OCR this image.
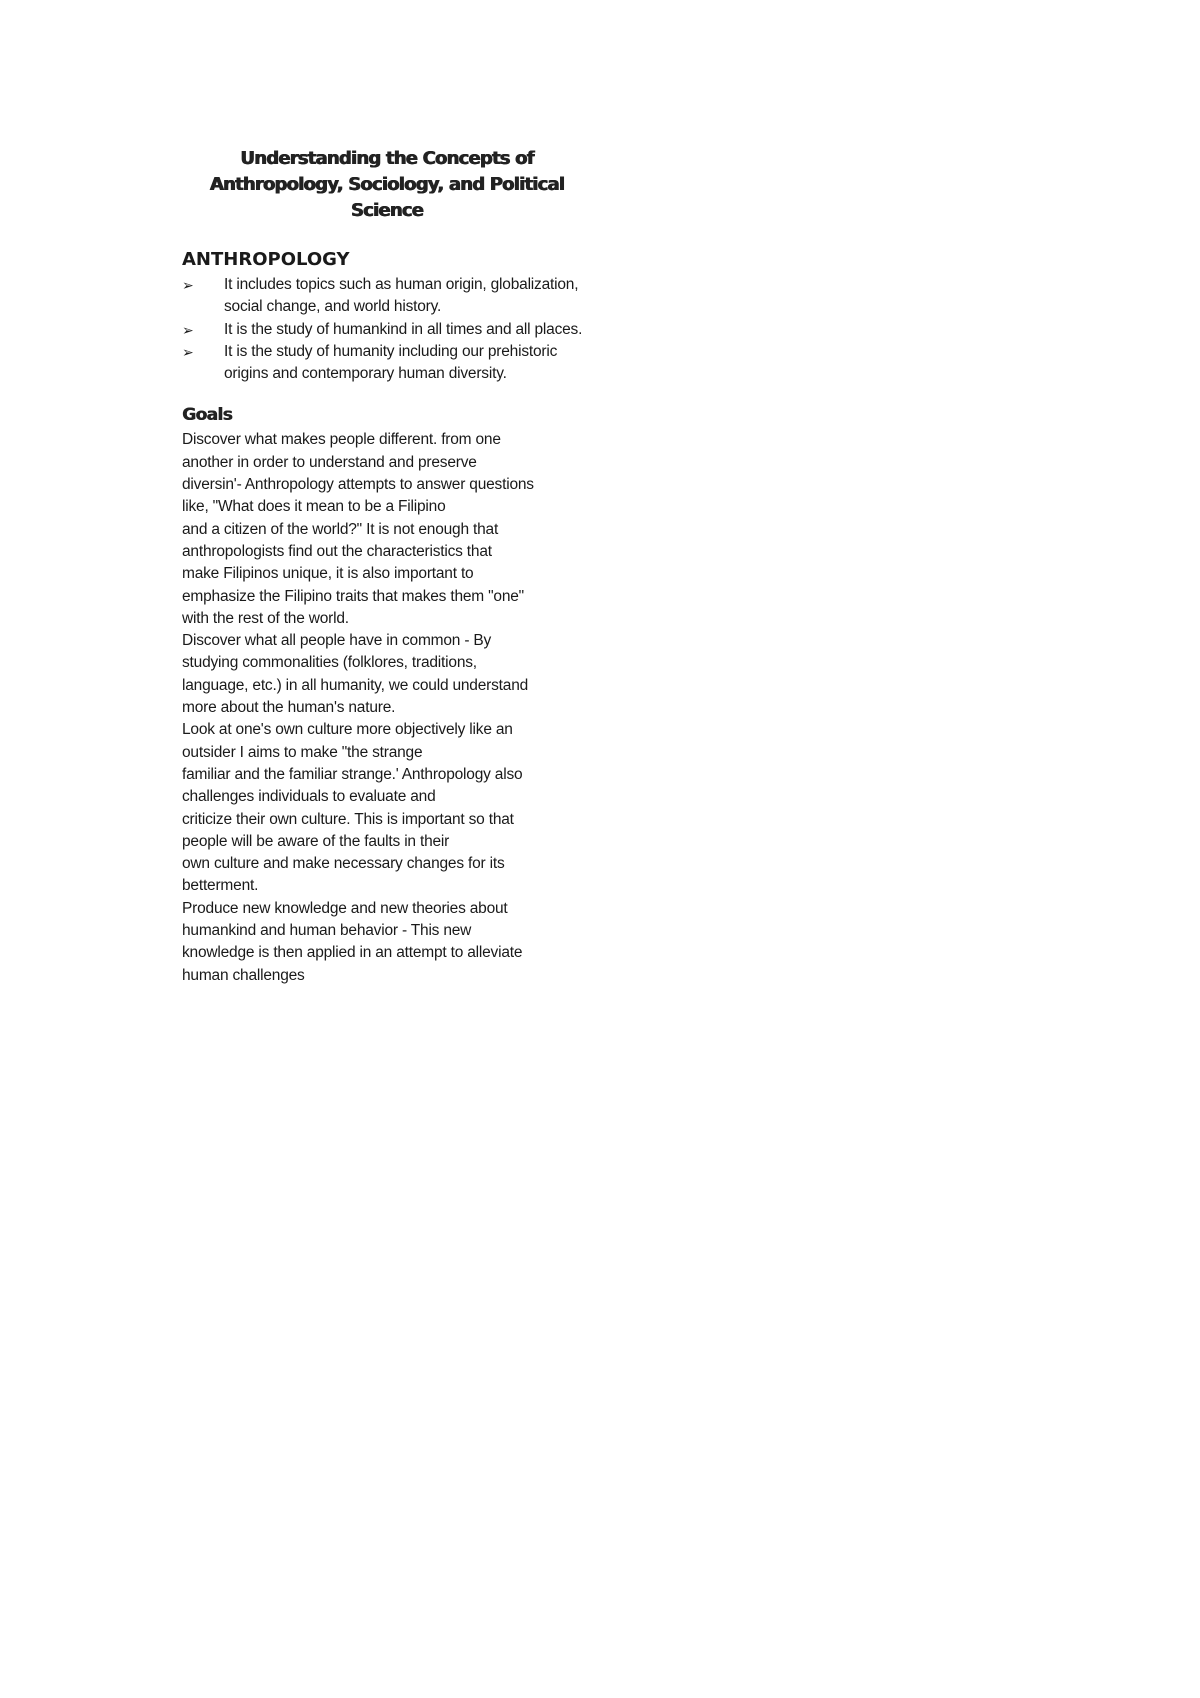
Understanding the Concepts of Anthropology, Sociology, and Political Science
ANTHROPOLOGY
➢	It includes topics such as human origin, globalization, social change, and world history.
➢	It is the study of humankind in all times and all places.
➢	It is the study of humanity including our prehistoric origins and contemporary human diversity.
Goals
Discover what makes people different. from one
another in order to understand and preserve
diversin'- Anthropology attempts to answer questions
like, "What does it mean to be a Filipino
and a citizen of the world?" It is not enough that
anthropologists find out the characteristics that
make Filipinos unique, it is also important to
emphasize the Filipino traits that makes them "one"
with the rest of the world.
Discover what all people have in common - By
studying commonalities (folklores, traditions,
language, etc.) in all humanity, we could understand
more about the human's nature.
Look at one's own culture more objectively like an
outsider I aims to make "the strange
familiar and the familiar strange.' Anthropology also
challenges individuals to evaluate and
criticize their own culture. This is important so that
people will be aware of the faults in their
own culture and make necessary changes for its
betterment.
Produce new knowledge and new theories about
humankind and human behavior - This new
knowledge is then applied in an attempt to alleviate
human challenges
